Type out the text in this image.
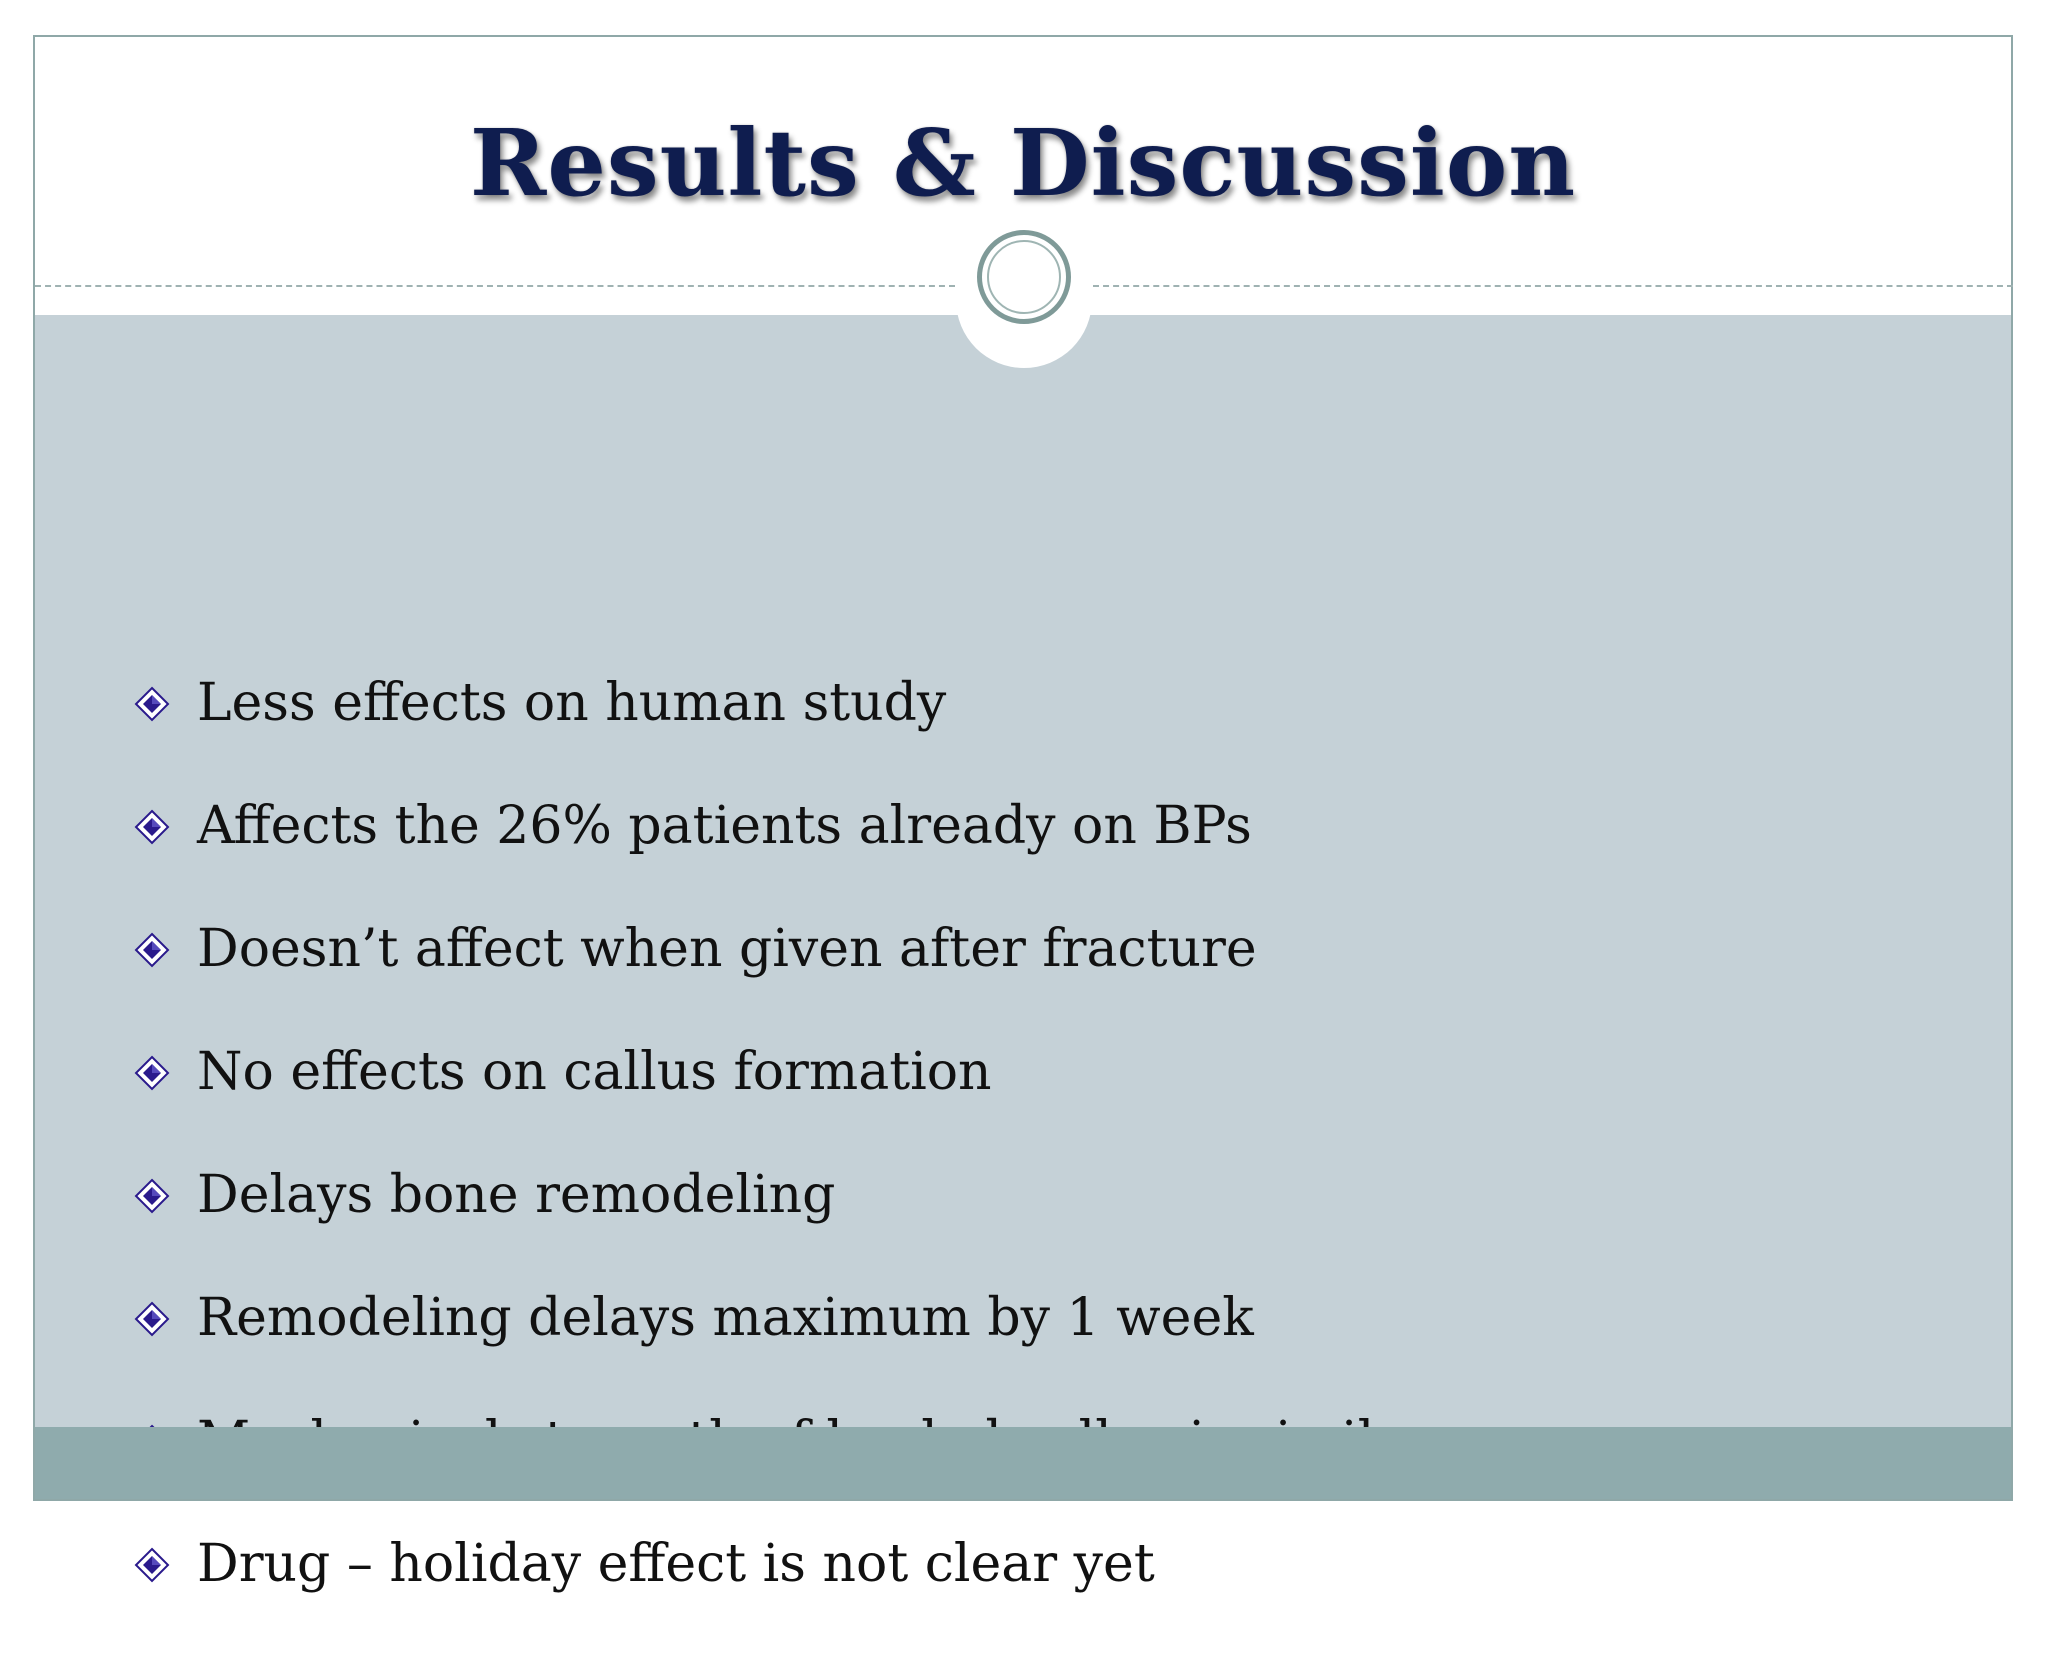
Results & Discussion
Less effects on human study
Affects the 26% patients already on BPs
Doesn’t affect when given after fracture
No effects on callus formation
Delays bone remodeling
Remodeling delays maximum by 1 week
Drug – holiday effect is not clear yet
